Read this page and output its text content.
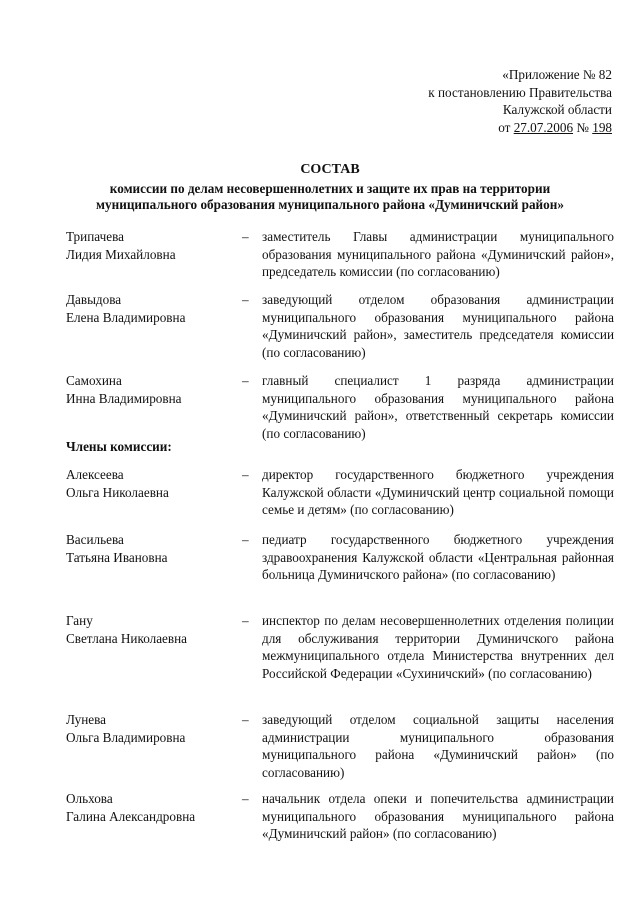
«Приложение № 82
к постановлению Правительства
Калужской области
от 27.07.2006 № 198
СОСТАВ
комиссии по делам несовершеннолетних и защите их прав на территории
муниципального образования муниципального района «Думиничский район»
Трипачева
Лидия Михайловна
– заместитель Главы администрации муниципального образования муниципального района «Думиничский район», председатель комиссии (по согласованию)
Давыдова
Елена Владимировна
– заведующий отделом образования администрации муниципального образования муниципального района «Думиничский район», заместитель председателя комиссии (по согласованию)
Самохина
Инна Владимировна
– главный специалист 1 разряда администрации муниципального образования муниципального района «Думиничский район», ответственный секретарь комиссии (по согласованию)
Члены комиссии:
Алексеева
Ольга Николаевна
– директор государственного бюджетного учреждения Калужской области «Думиничский центр социальной помощи семье и детям» (по согласованию)
Васильева
Татьяна Ивановна
– педиатр государственного бюджетного учреждения здравоохранения Калужской области «Центральная районная больница Думиничского района» (по согласованию)
Гану
Светлана Николаевна
– инспектор по делам несовершеннолетних отделения полиции для обслуживания территории Думиничского района межмуниципального отдела Министерства внутренних дел Российской Федерации «Сухиничский» (по согласованию)
Лунева
Ольга Владимировна
– заведующий отделом социальной защиты населения администрации муниципального образования муниципального района «Думиничский район» (по согласованию)
Ольхова
Галина Александровна
– начальник отдела опеки и попечительства администрации муниципального образования муниципального района «Думиничский район» (по согласованию)
